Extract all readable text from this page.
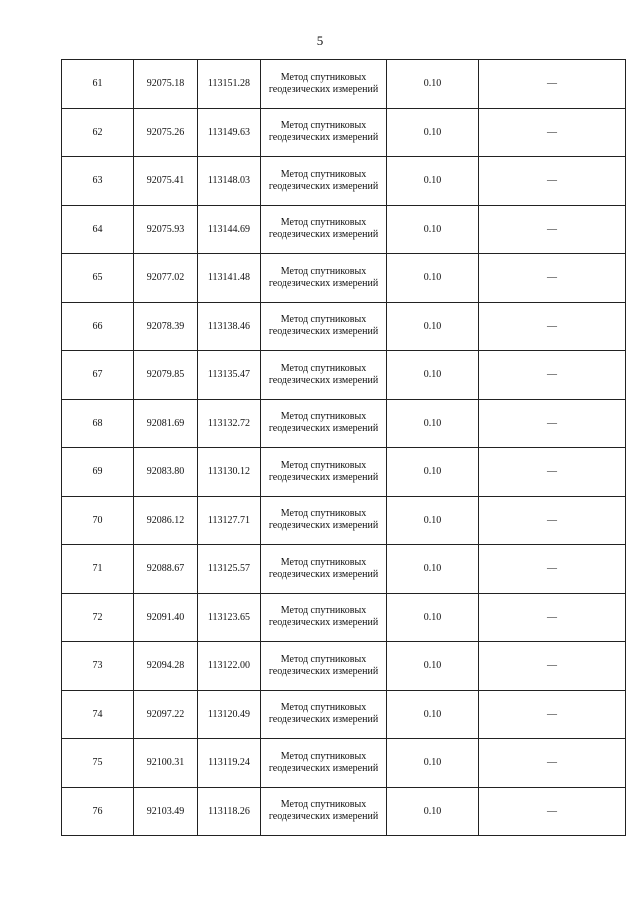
5
61	92075.18	113151.28	Метод спутниковых
геодезических измерений	0.10	—
62	92075.26	113149.63	Метод спутниковых
геодезических измерений	0.10	—
63	92075.41	113148.03	Метод спутниковых
геодезических измерений	0.10	—
64	92075.93	113144.69	Метод спутниковых
геодезических измерений	0.10	—
65	92077.02	113141.48	Метод спутниковых
геодезических измерений	0.10	—
66	92078.39	113138.46	Метод спутниковых
геодезических измерений	0.10	—
67	92079.85	113135.47	Метод спутниковых
геодезических измерений	0.10	—
68	92081.69	113132.72	Метод спутниковых
геодезических измерений	0.10	—
69	92083.80	113130.12	Метод спутниковых
геодезических измерений	0.10	—
70	92086.12	113127.71	Метод спутниковых
геодезических измерений	0.10	—
71	92088.67	113125.57	Метод спутниковых
геодезических измерений	0.10	—
72	92091.40	113123.65	Метод спутниковых
геодезических измерений	0.10	—
73	92094.28	113122.00	Метод спутниковых
геодезических измерений	0.10	—
74	92097.22	113120.49	Метод спутниковых
геодезических измерений	0.10	—
75	92100.31	113119.24	Метод спутниковых
геодезических измерений	0.10	—
76	92103.49	113118.26	Метод спутниковых
геодезических измерений	0.10	—
